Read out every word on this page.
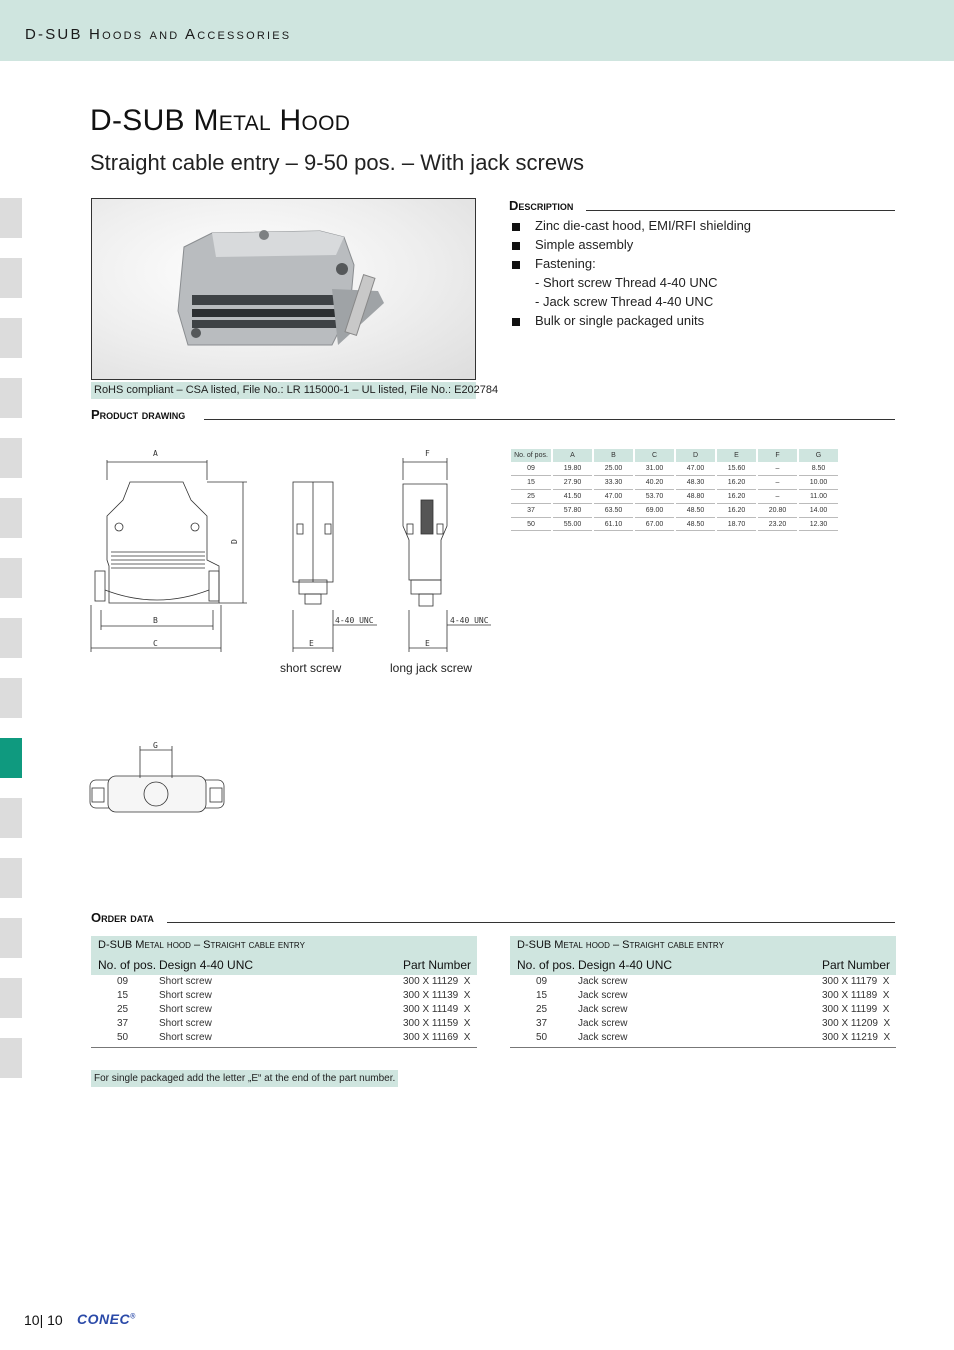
D-SUB Hoods and Accessories
D-SUB Metal Hood
Straight cable entry – 9-50 pos. – With jack screws
RoHS compliant – CSA listed, File No.: LR 115000-1 – UL listed, File No.: E202784
Description
Zinc die-cast hood, EMI/RFI shielding
Simple assembly
Fastening:
- Short screw Thread 4-40 UNC
- Jack screw Thread 4-40 UNC
Bulk or single packaged units
Product drawing
A
B
C
D
E	E
F
4-40 UNC	4-40 UNC
short screw	long jack screw
G
No. of pos.	A	B	C	D	E	F	G
09	19.80	25.00	31.00	47.00	15.60	–	8.50
15	27.90	33.30	40.20	48.30	16.20	–	10.00
25	41.50	47.00	53.70	48.80	16.20	–	11.00
37	57.80	63.50	69.00	48.50	16.20	20.80	14.00
50	55.00	61.10	67.00	48.50	18.70	23.20	12.30
Order data
D-SUB Metal hood – Straight cable entry
No. of pos. Design 4-40 UNC	Part Number
09	Short screw	300 X 11129  X
15	Short screw	300 X 11139  X
25	Short screw	300 X 11149  X
37	Short screw	300 X 11159  X
50	Short screw	300 X 11169  X
D-SUB Metal hood – Straight cable entry
No. of pos. Design 4-40 UNC	Part Number
09	Jack screw	300 X 11179  X
15	Jack screw	300 X 11189  X
25	Jack screw	300 X 11199  X
37	Jack screw	300 X 11209  X
50	Jack screw	300 X 11219  X
For single packaged add the letter „E“ at the end of the part number.
10| 10 CONEC®
